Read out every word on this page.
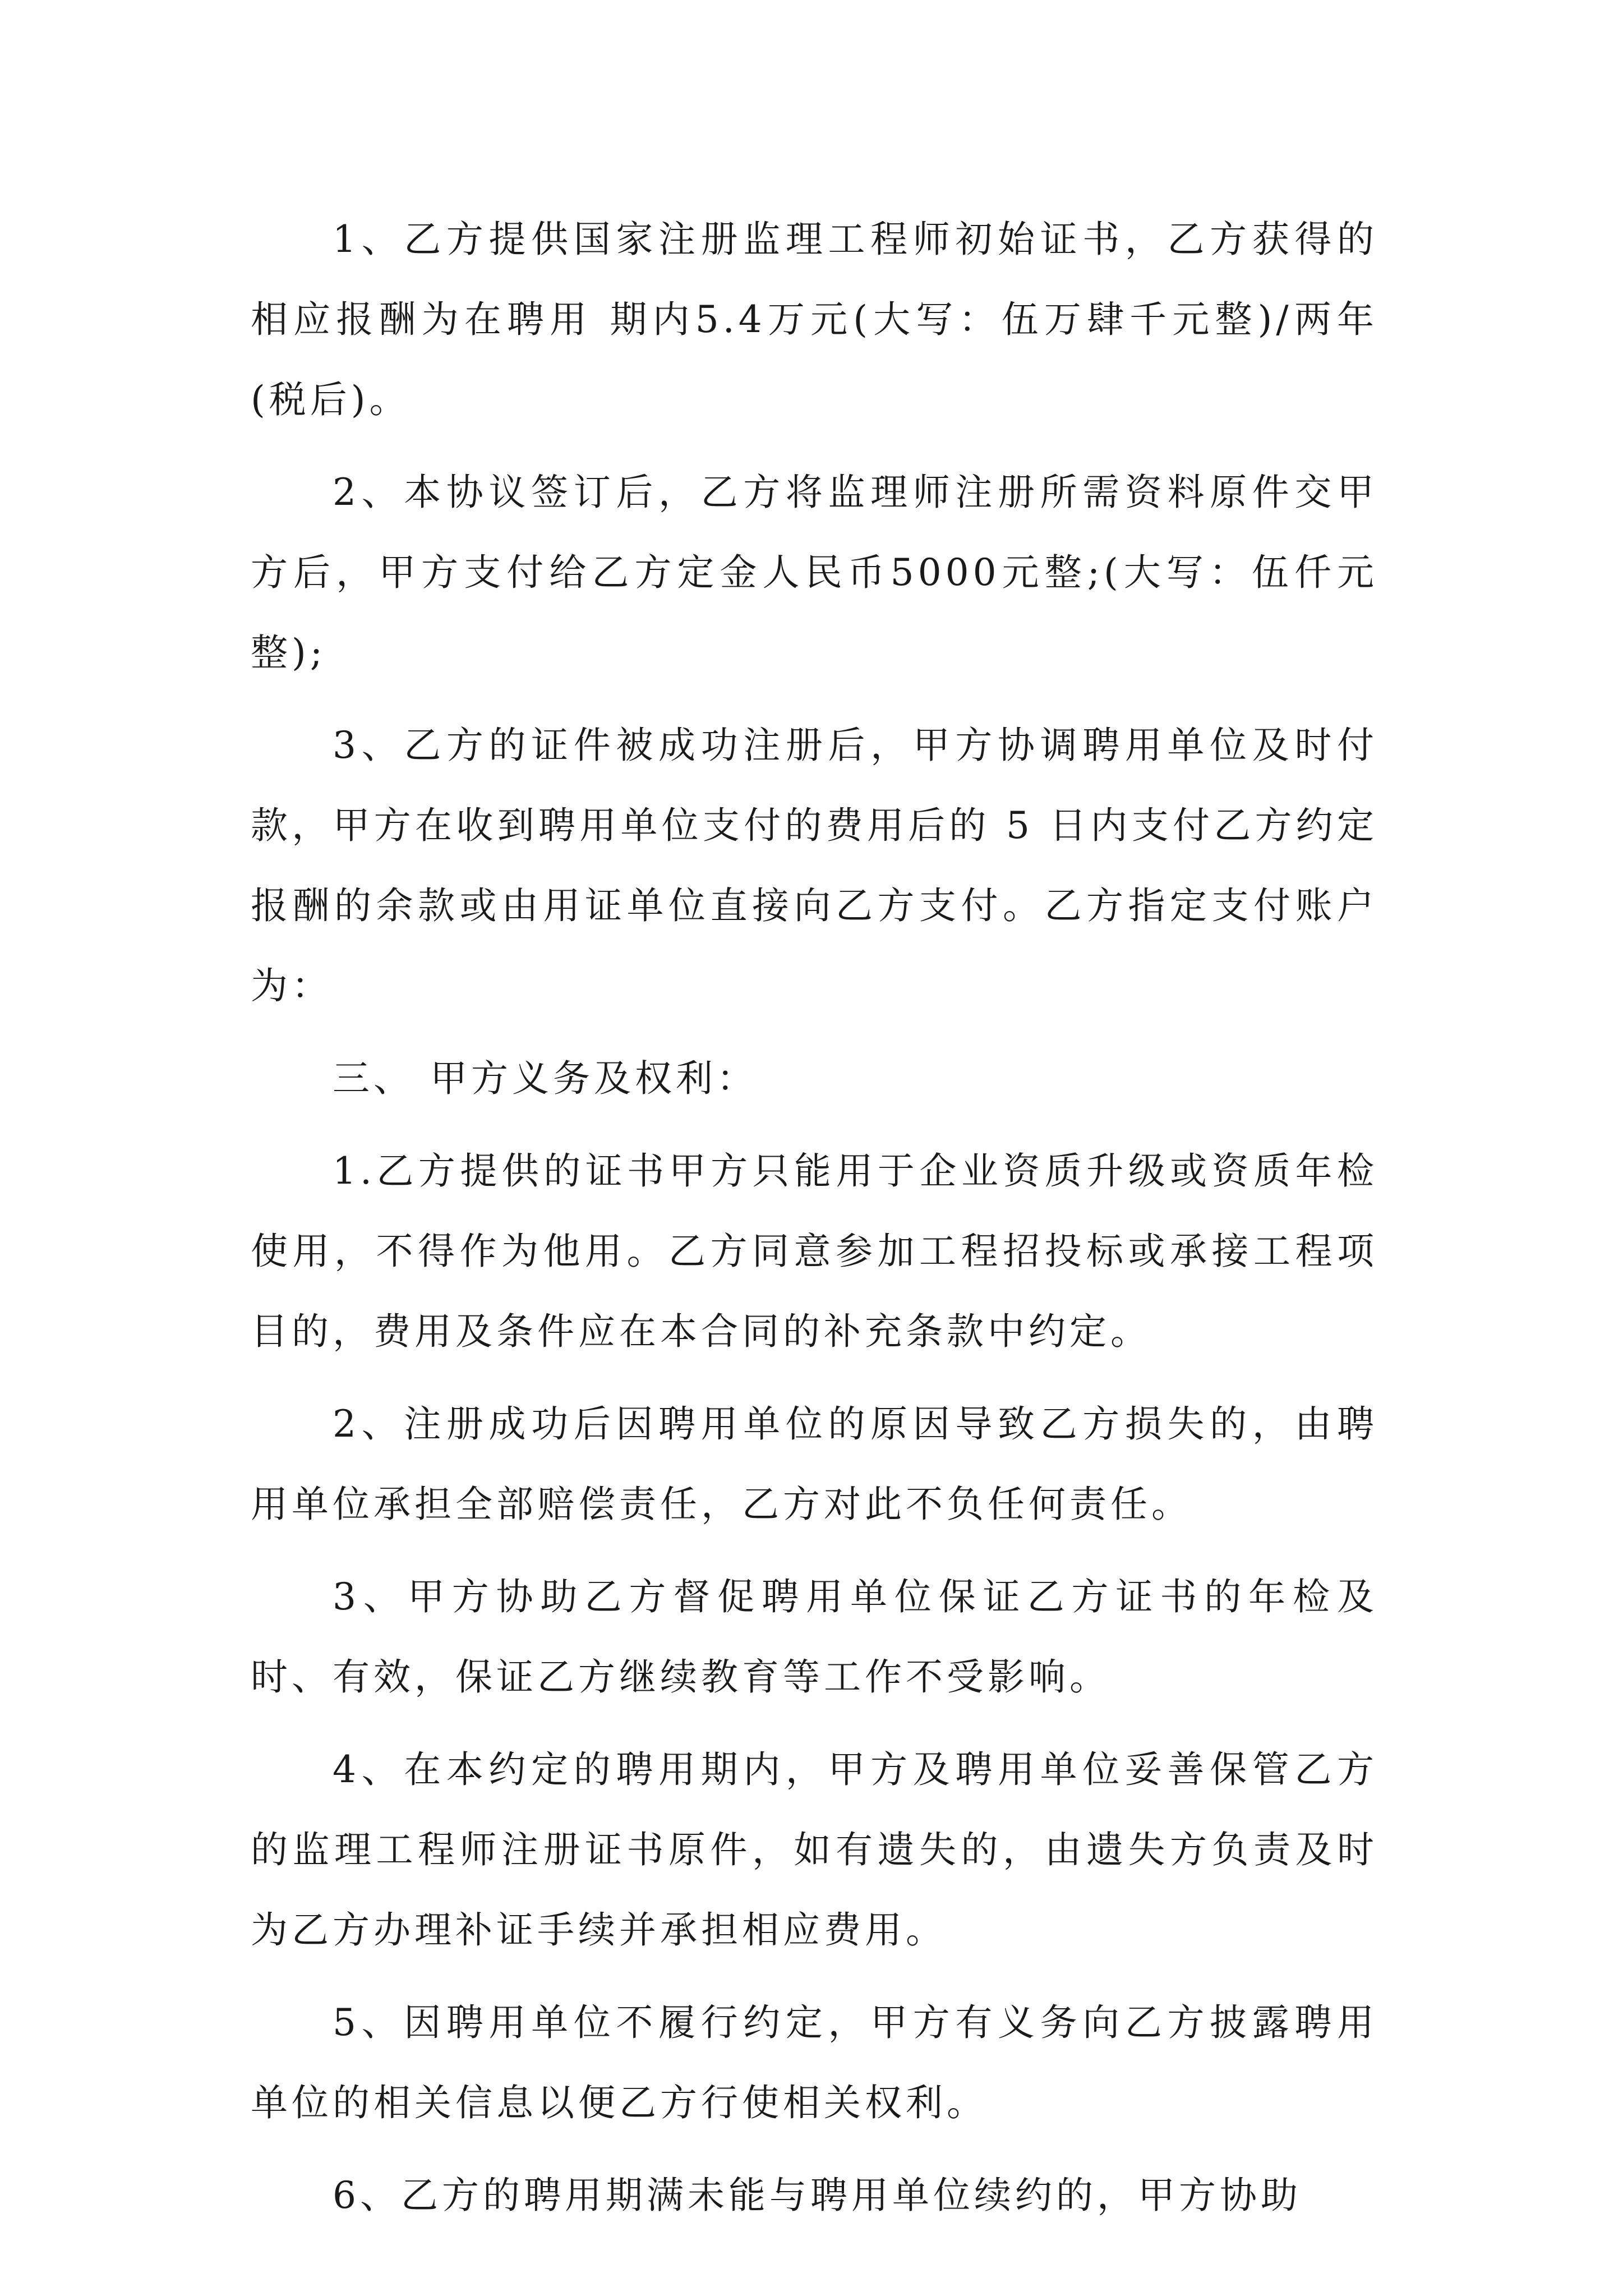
1、乙方提供国家注册监理工程师初始证书，乙方获得的相应报酬为在聘用 期内5.4万元(大写：伍万肆千元整)/两年(税后)。

2、本协议签订后，乙方将监理师注册所需资料原件交甲方后，甲方支付给乙方定金人民币5000元整;(大写：伍仟元整);

3、乙方的证件被成功注册后，甲方协调聘用单位及时付款，甲方在收到聘用单位支付的费用后的 5 日内支付乙方约定报酬的余款或由用证单位直接向乙方支付。乙方指定支付账户为：

三、 甲方义务及权利：

1.乙方提供的证书甲方只能用于企业资质升级或资质年检使用，不得作为他用。乙方同意参加工程招投标或承接工程项目的，费用及条件应在本合同的补充条款中约定。

2、注册成功后因聘用单位的原因导致乙方损失的，由聘用单位承担全部赔偿责任，乙方对此不负任何责任。

3、甲方协助乙方督促聘用单位保证乙方证书的年检及时、有效，保证乙方继续教育等工作不受影响。

4、在本约定的聘用期内，甲方及聘用单位妥善保管乙方的监理工程师注册证书原件，如有遗失的，由遗失方负责及时为乙方办理补证手续并承担相应费用。

5、因聘用单位不履行约定，甲方有义务向乙方披露聘用单位的相关信息以便乙方行使相关权利。

6、乙方的聘用期满未能与聘用单位续约的，甲方协助
